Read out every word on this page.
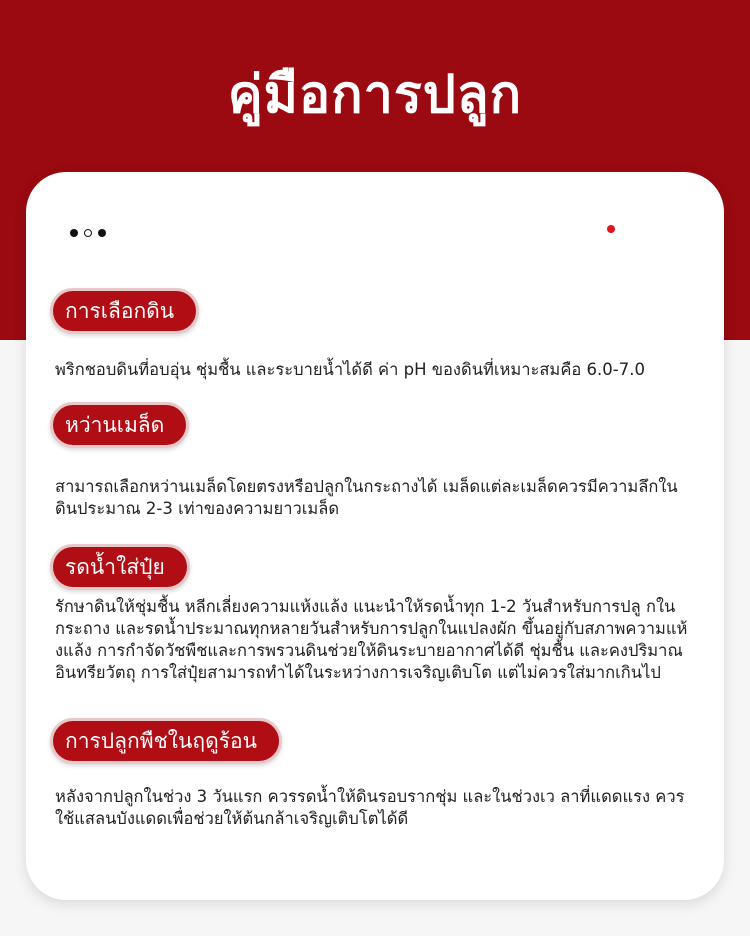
คู่มือการปลูก
การเลือกดิน
พริกชอบดินที่อบอุ่น ชุ่มชื้น และระบายน้ำได้ดี ค่า pH ของดินที่เหมาะสมคือ 6.0-7.0
หว่านเมล็ด
สามารถเลือกหว่านเมล็ดโดยตรงหรือปลูกในกระถางได้ เมล็ดแต่ละเมล็ดควรมีความลึกในดินประมาณ 2-3 เท่าของความยาวเมล็ด
รดน้ำใส่ปุ๋ย
รักษาดินให้ชุ่มชื้น หลีกเลี่ยงความแห้งแล้ง แนะนำให้รดน้ำทุก 1-2 วันสำหรับการปลู กในกระถาง และรดน้ำประมาณทุกหลายวันสำหรับการปลูกในแปลงผัก ขึ้นอยู่กับสภาพความแห้ งแล้ง การกำจัดวัชพืชและการพรวนดินช่วยให้ดินระบายอากาศได้ดี ชุ่มชื้น และคงปริมาณ อินทรียวัตถุ การใส่ปุ๋ยสามารถทำได้ในระหว่างการเจริญเติบโต แต่ไม่ควรใส่มากเกินไป
การปลูกพืชในฤดูร้อน
หลังจากปลูกในช่วง 3 วันแรก ควรรดน้ำให้ดินรอบรากชุ่ม และในช่วงเว ลาที่แดดแรง ควรใช้แสลนบังแดดเพื่อช่วยให้ต้นกล้าเจริญเติบโตได้ดี
